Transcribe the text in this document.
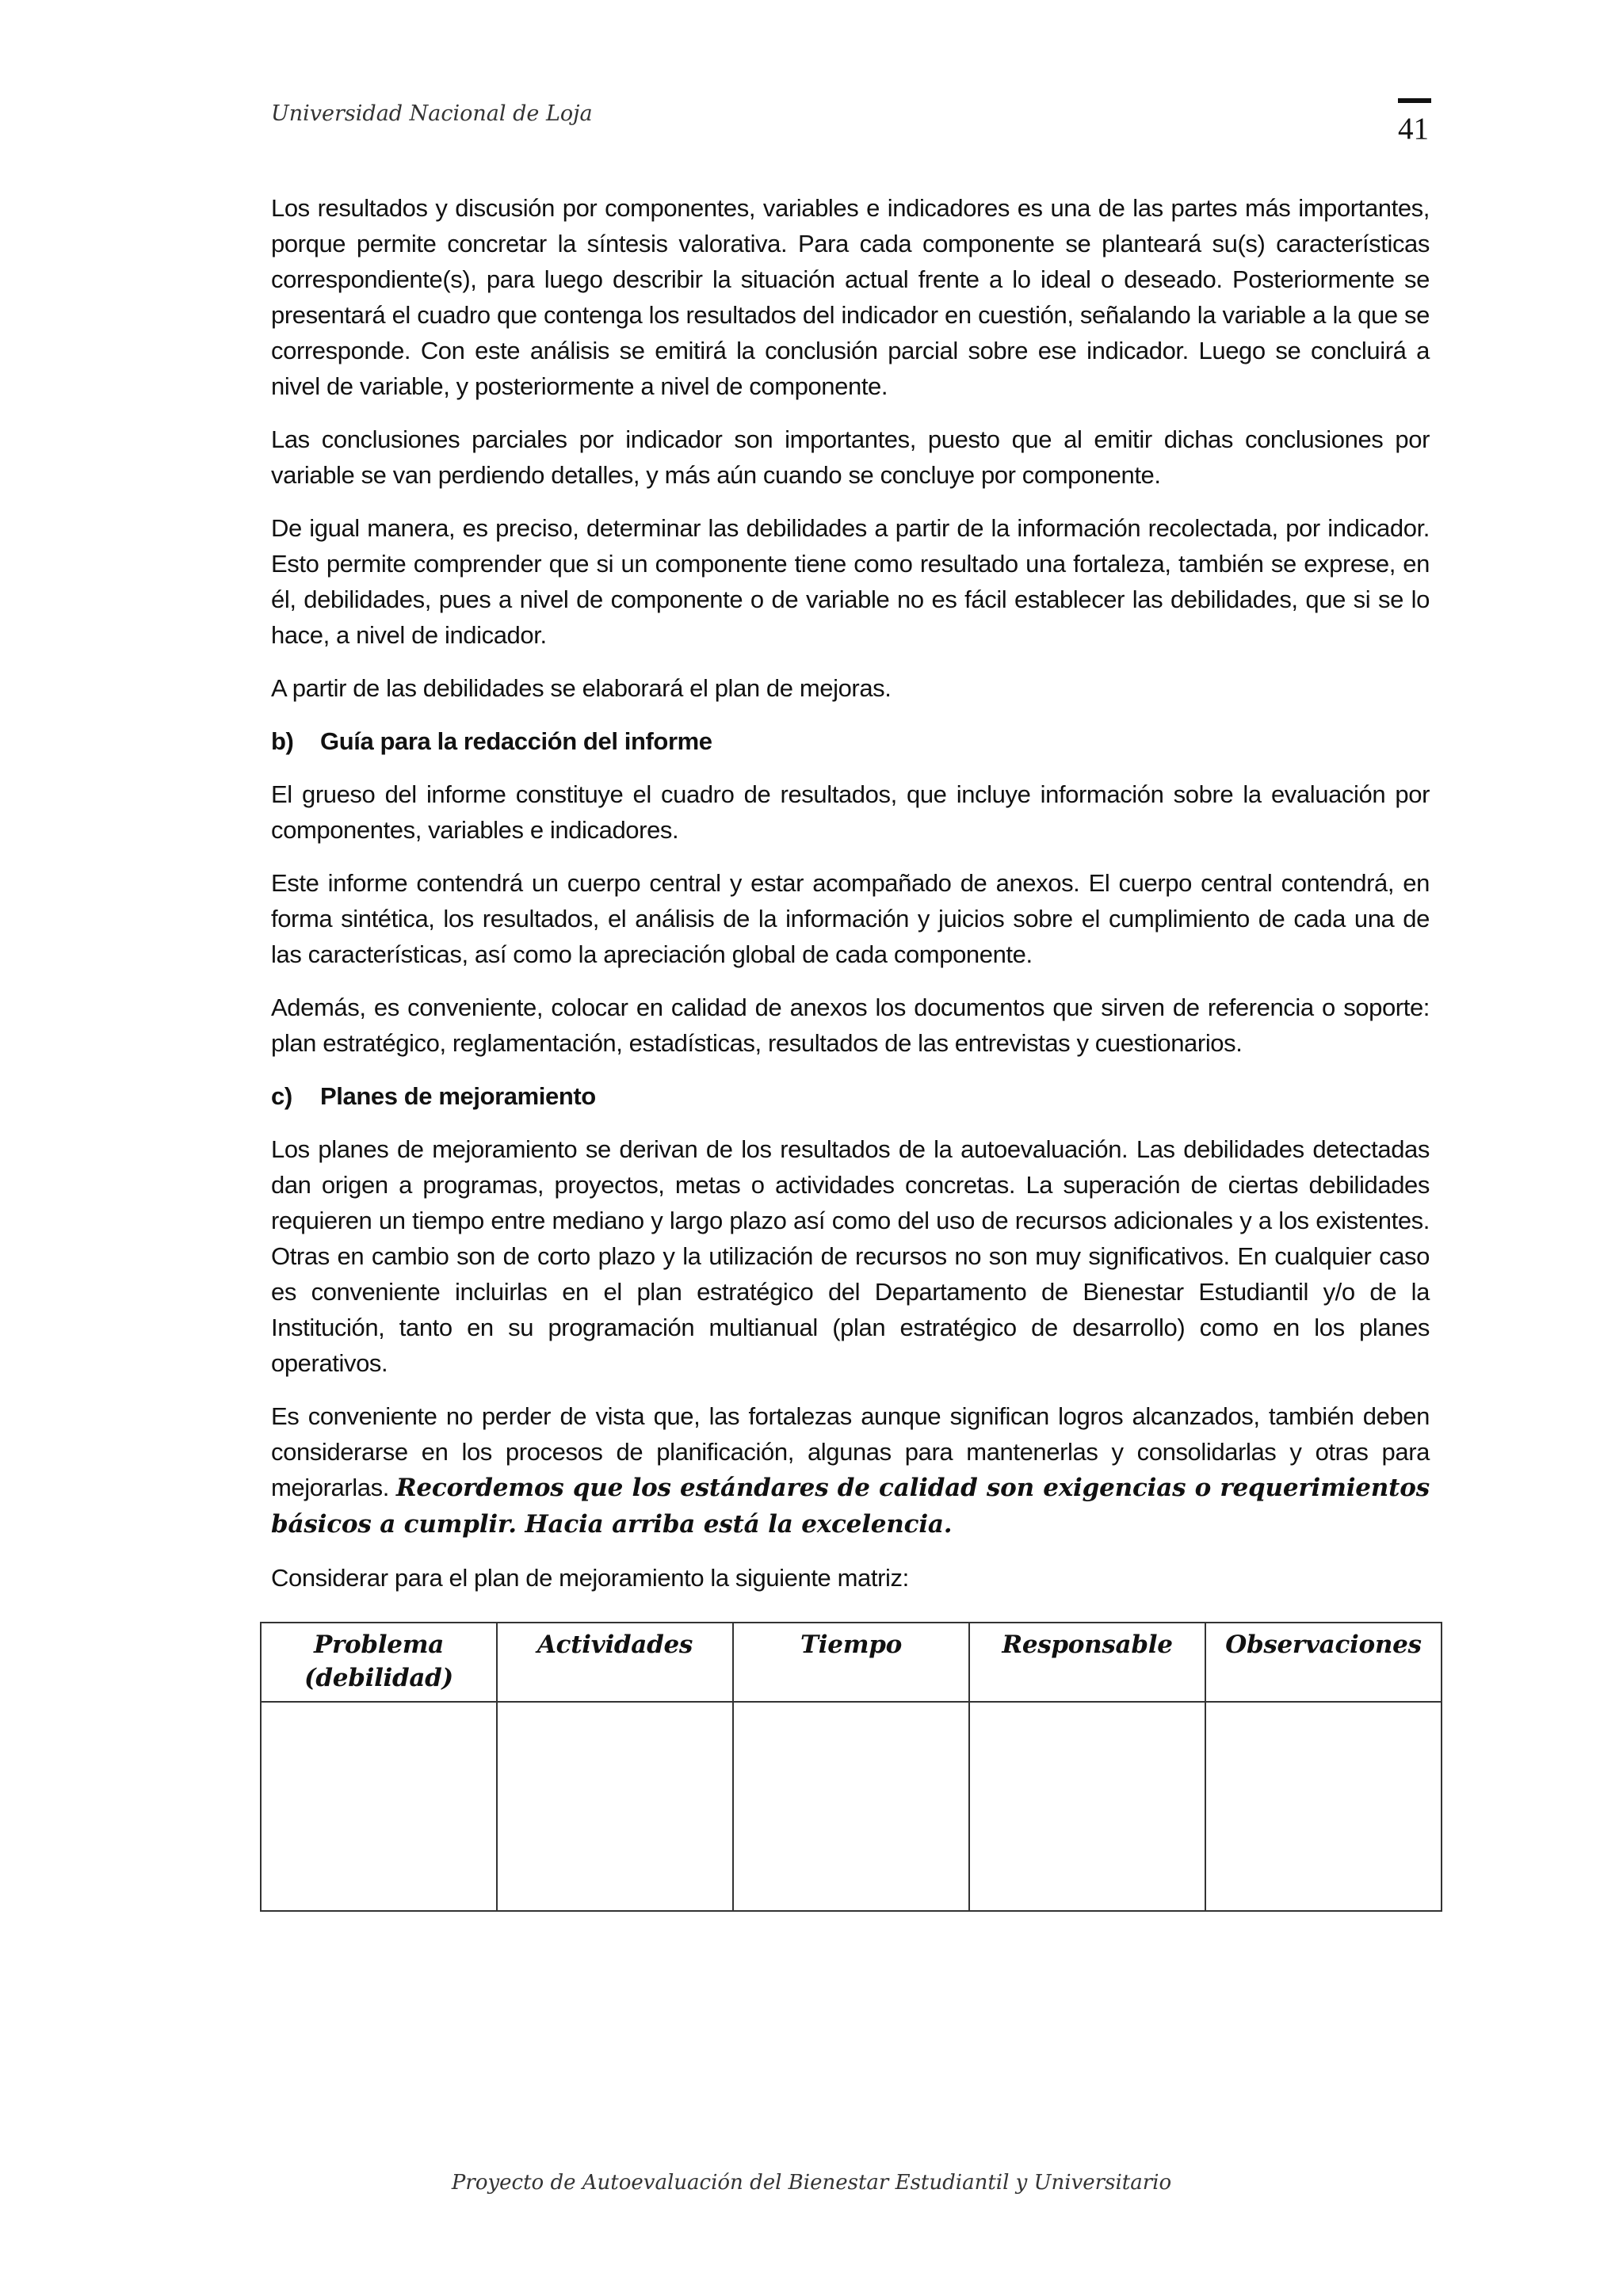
Universidad Nacional de Loja	41

Los resultados y discusión por componentes, variables e indicadores es una de las partes más importantes, porque permite concretar la síntesis valorativa. Para cada componente se planteará su(s) características correspondiente(s), para luego describir la situación actual frente a lo ideal o deseado. Posteriormente se presentará el cuadro que contenga los resultados del indicador en cuestión, señalando la variable a la que se corresponde. Con este análisis se emitirá la conclusión parcial sobre ese indicador. Luego se concluirá a nivel de variable, y posteriormente a nivel de componente.

Las conclusiones parciales por indicador son importantes, puesto que al emitir dichas conclusiones por variable se van perdiendo detalles, y más aún cuando se concluye por componente.

De igual manera, es preciso, determinar las debilidades a partir de la información recolectada, por indicador. Esto permite comprender que si un componente tiene como resultado una fortaleza, también se exprese, en él, debilidades, pues a nivel de componente o de variable no es fácil establecer las debilidades, que si se lo hace, a nivel de indicador.

A partir de las debilidades se elaborará el plan de mejoras.

b)	Guía para la redacción del informe

El grueso del informe constituye el cuadro de resultados, que incluye información sobre la evaluación por componentes, variables e indicadores.

Este informe contendrá un cuerpo central y estar acompañado de anexos. El cuerpo central contendrá, en forma sintética, los resultados, el análisis de la información y juicios sobre el cumplimiento de cada una de las características, así como la apreciación global de cada componente.

Además, es conveniente, colocar en calidad de anexos los documentos que sirven de referencia o soporte: plan estratégico, reglamentación, estadísticas, resultados de las entrevistas y cuestionarios.

c)	Planes de mejoramiento

Los planes de mejoramiento se derivan de los resultados de la autoevaluación. Las debilidades detectadas dan origen a programas, proyectos, metas o actividades concretas. La superación de ciertas debilidades requieren un tiempo entre mediano y largo plazo así como del uso de recursos adicionales y a los existentes. Otras en cambio son de corto plazo y la utilización de recursos no son muy significativos. En cualquier caso es conveniente incluirlas en el plan estratégico del Departamento de Bienestar Estudiantil y/o de la Institución, tanto en su programación multianual (plan estratégico de desarrollo) como en los planes operativos.

Es conveniente no perder de vista que, las fortalezas aunque significan logros alcanzados, también deben considerarse en los procesos de planificación, algunas para mantenerlas y consolidarlas y otras para mejorarlas. Recordemos que los estándares de calidad son exigencias o requerimientos básicos a cumplir. Hacia arriba está la excelencia.

Considerar para el plan de mejoramiento la siguiente matriz:

Problema (debilidad)	Actividades	Tiempo	Responsable	Observaciones

Proyecto de Autoevaluación del Bienestar Estudiantil y Universitario
